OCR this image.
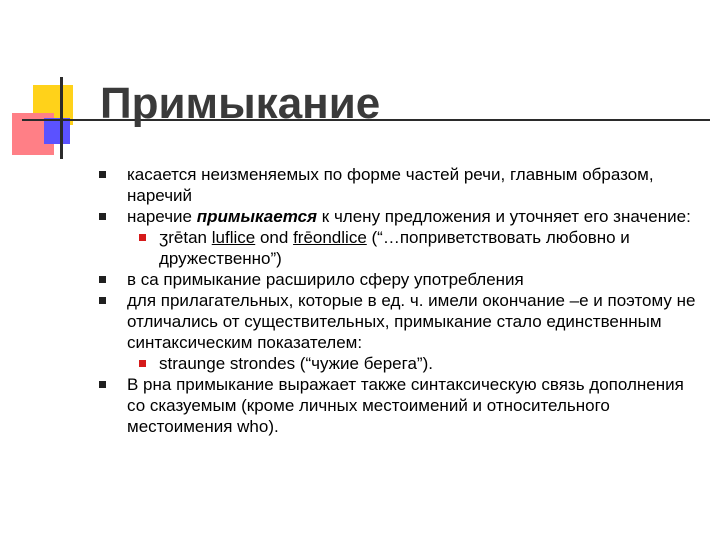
Примыкание
касается неизменяемых по форме частей речи, главным образом, наречий
наречие примыкается к члену предложения и уточняет его значение:
ʒrētan luflice ond frēondlice (“…поприветствовать любовно и дружественно”)
в са примыкание расширило сферу употребления
для прилагательных, которые в ед. ч. имели окончание –е и поэтому не отличались от существительных, примыкание стало единственным синтаксическим показателем:
straunge strondes (“чужие берега”).
В рна примыкание выражает также синтаксическую связь дополнения со сказуемым (кроме личных местоимений и относительного местоимения who).
